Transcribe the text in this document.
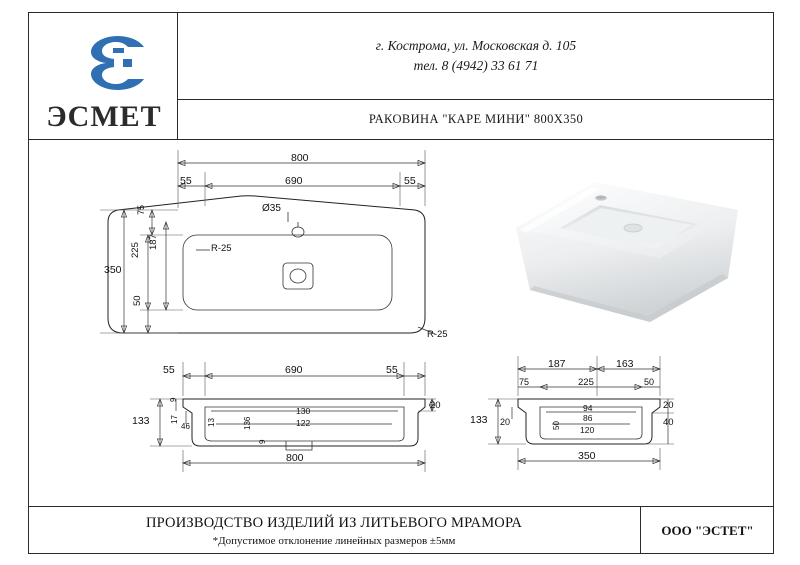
ЭСМЕТ
г. Кострома, ул. Московская д. 105
тел. 8 (4942) 33 61 71
РАКОВИНА "КАРЕ МИНИ" 800Х350
800
690
55	55
350
225
187
75
50
Ø35
R-25
R-25
55	690	55
800
133
9
17
46	136
130
122
9
13
20
187	163
75	225	50
133 20
94
86
120
50
20
40
350
ПРОИЗВОДСТВО ИЗДЕЛИЙ ИЗ ЛИТЬЕВОГО МРАМОРА
*Допустимое отклонение линейных размеров ±5мм
ООО "ЭСТЕТ"
